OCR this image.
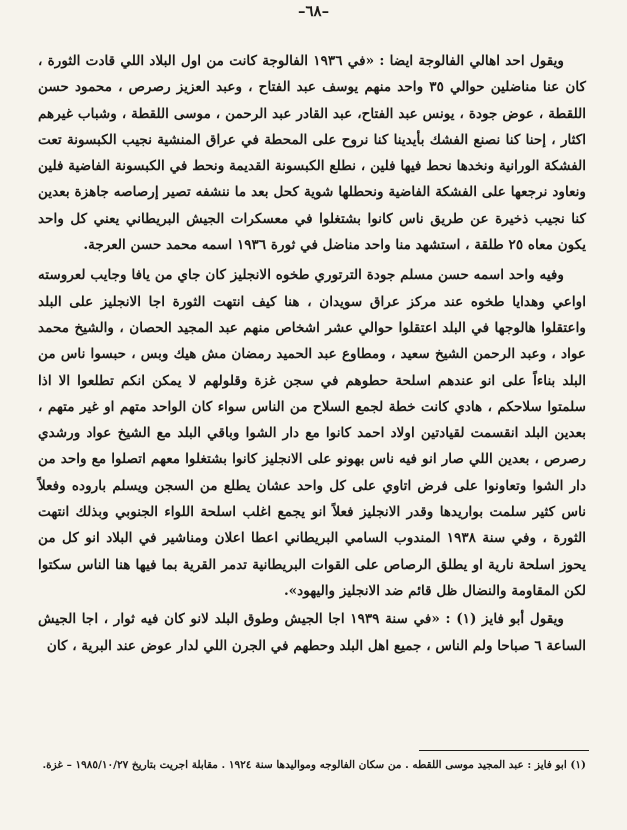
–٦٨–

ويقول احد اهالي الفالوجة ايضا : «في ١٩٣٦ الفالوجة كانت من اول البلاد اللي قادت الثورة ، كان عنا مناضلين حوالي ٣٥ واحد منهم يوسف عبد الفتاح ، وعبد العزيز رصرص ، محمود حسن اللقطة ، عوض جودة ، يونس عبد الفتاح، عبد القادر عبد الرحمن ، موسى اللقطة ، وشباب غيرهم اكثار ، إحنا كنا نصنع الفشك بأيدينا كنا نروح على المحطة في عراق المنشية نجيب الكبسونة تعت الفشكة الورانية ونخدها نحط فيها فلين ، نطلع الكبسونة القديمة ونحط في الكبسونة الفاضية فلين ونعاود نرجعها على الفشكة الفاضية ونحطلها شوية كحل بعد ما ننشفه تصير إرصاصه جاهزة بعدين كنا نجيب ذخيرة عن طريق ناس كانوا بشتغلوا في معسكرات الجيش البريطاني يعني كل واحد يكون معاه ٢٥ طلقة ، استشهد منا واحد مناضل في ثورة ١٩٣٦ اسمه محمد حسن العرجة.

وفيه واحد اسمه حسن مسلم جودة الترتوري طخوه الانجليز كان جاي من يافا وجايب لعروسته اواعي وهدايا طخوه عند مركز عراق سويدان ، هنا كيف انتهت الثورة اجا الانجليز على البلد واعتقلوا هالوجها في البلد اعتقلوا حوالي عشر اشخاص منهم عبد المجيد الحصان ، والشيخ محمد عواد ، وعبد الرحمن الشيخ سعيد ، ومطاوع عبد الحميد رمضان مش هيك وبس ، حبسوا ناس من البلد بناءاً على انو عندهم اسلحة حطوهم في سجن غزة وقلولهم لا يمكن انكم تطلعوا الا اذا سلمتوا سلاحكم ، هادي كانت خطة لجمع السلاح من الناس سواء كان الواحد متهم او غير متهم ، بعدين البلد انقسمت لقيادتين اولاد احمد كانوا مع دار الشوا وباقي البلد مع الشيخ عواد ورشدي رصرص ، بعدين اللي صار انو فيه ناس بهونو على الانجليز كانوا بشتغلوا معهم اتصلوا مع واحد من دار الشوا وتعاونوا على فرض اتاوي على كل واحد عشان يطلع من السجن ويسلم باروده وفعلاً ناس كثير سلمت بواريدها وقدر الانجليز فعلاً انو يجمع اغلب اسلحة اللواء الجنوبي وبذلك انتهت الثورة ، وفي سنة ١٩٣٨ المندوب السامي البريطاني اعطا اعلان ومناشير في البلاد انو كل من يحوز اسلحة نارية او يطلق الرصاص على القوات البريطانية تدمر القرية بما فيها هنا الناس سكتوا لكن المقاومة والنضال ظل قائم ضد الانجليز واليهود».

ويقول أبو فايز (١) : «في سنة ١٩٣٩ اجا الجيش وطوق البلد لانو كان فيه ثوار ، اجا الجيش الساعة ٦ صباحا ولم الناس ، جميع اهل البلد وحطهم في الجرن اللي لدار عوض عند البرية ، كان

(١) ابو فايز : عبد المجيد موسى اللقطه . من سكان الفالوجه ومواليدها سنة ١٩٢٤ . مقابلة اجريت بتاريخ ١٩٨٥/١٠/٢٧ – غزة.
